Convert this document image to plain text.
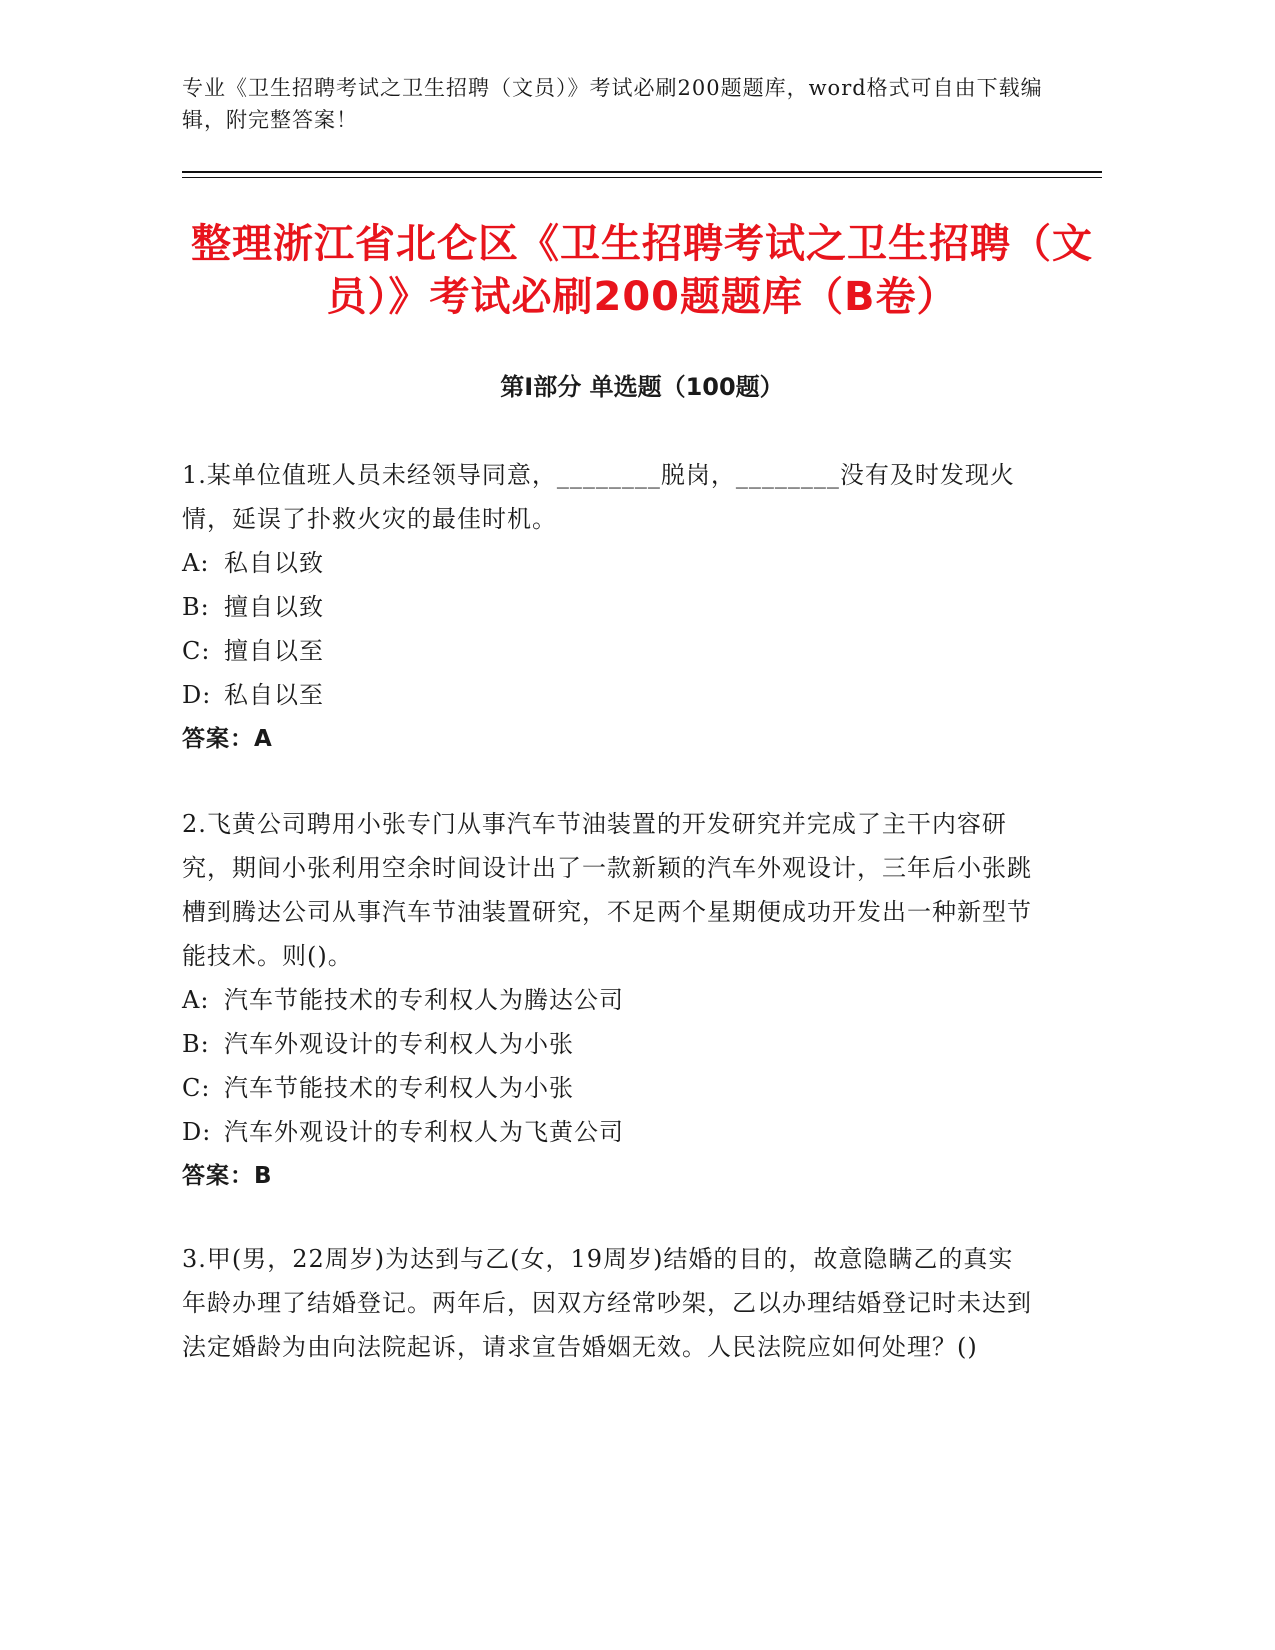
专业《卫生招聘考试之卫生招聘（文员）》考试必刷200题题库，word格式可自由下载编辑，附完整答案！
整理浙江省北仑区《卫生招聘考试之卫生招聘（文员）》考试必刷200题题库（B卷）
第Ⅰ部分 单选题（100题）

1.某单位值班人员未经领导同意，________脱岗，________没有及时发现火情，延误了扑救火灾的最佳时机。

A: 私自以致

B: 擅自以致

C: 擅自以至

D: 私自以至

答案：A

2.飞黄公司聘用小张专门从事汽车节油装置的开发研究并完成了主干内容研究，期间小张利用空余时间设计出了一款新颖的汽车外观设计，三年后小张跳槽到腾达公司从事汽车节油装置研究，不足两个星期便成功开发出一种新型节能技术。则()。

A: 汽车节能技术的专利权人为腾达公司

B: 汽车外观设计的专利权人为小张

C: 汽车节能技术的专利权人为小张

D: 汽车外观设计的专利权人为飞黄公司

答案：B

3.甲(男，22周岁)为达到与乙(女，19周岁)结婚的目的，故意隐瞒乙的真实年龄办理了结婚登记。两年后，因双方经常吵架，乙以办理结婚登记时未达到法定婚龄为由向法院起诉，请求宣告婚姻无效。人民法院应如何处理？()
